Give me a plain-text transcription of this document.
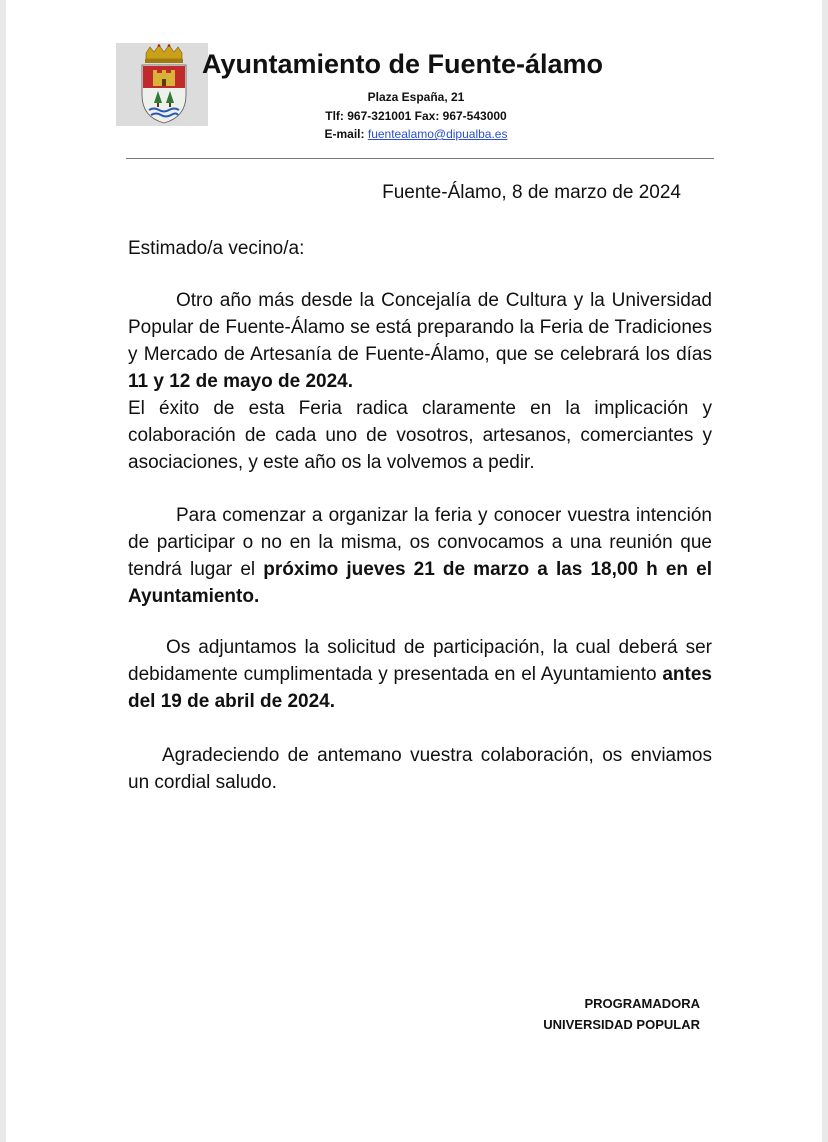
Ayuntamiento de Fuente-álamo
Plaza España, 21
Tlf: 967-321001 Fax: 967-543000
E-mail: fuentealamo@dipualba.es
Fuente-Álamo, 8 de marzo de 2024
Estimado/a vecino/a:
Otro año más desde la Concejalía de Cultura y la Universidad Popular de Fuente-Álamo se está preparando la Feria de Tradiciones y Mercado de Artesanía de Fuente-Álamo, que se celebrará los días 11 y 12 de mayo de 2024.
El éxito de esta Feria radica claramente en la implicación y colaboración de cada uno de vosotros, artesanos, comerciantes y asociaciones, y este año os la volvemos a pedir.
Para comenzar a organizar la feria y conocer vuestra intención de participar o no en la misma, os convocamos a una reunión que tendrá lugar el próximo jueves 21 de marzo a las 18,00 h en el Ayuntamiento.
Os adjuntamos la solicitud de participación, la cual deberá ser debidamente cumplimentada y presentada en el Ayuntamiento antes del 19 de abril de 2024.
Agradeciendo de antemano vuestra colaboración, os enviamos un cordial saludo.
PROGRAMADORA
UNIVERSIDAD POPULAR
